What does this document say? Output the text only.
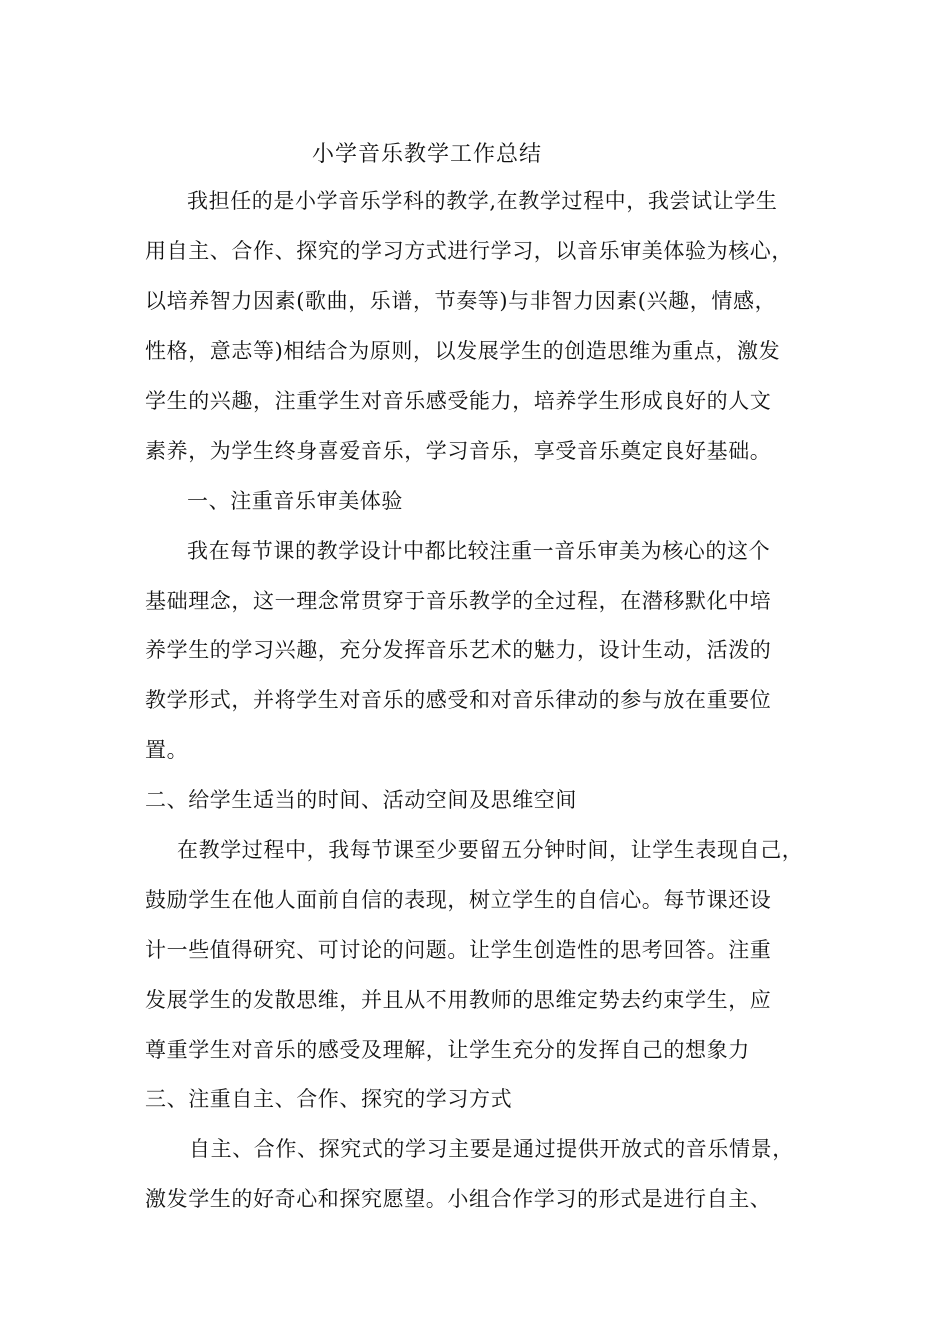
小学音乐教学工作总结
我担任的是小学音乐学科的教学,在教学过程中，我尝试让学生
用自主、合作、探究的学习方式进行学习，以音乐审美体验为核心，
以培养智力因素(歌曲，乐谱，节奏等)与非智力因素(兴趣，情感，
性格，意志等)相结合为原则，以发展学生的创造思维为重点，激发
学生的兴趣，注重学生对音乐感受能力，培养学生形成良好的人文
素养，为学生终身喜爱音乐，学习音乐，享受音乐奠定良好基础。
一、注重音乐审美体验
我在每节课的教学设计中都比较注重一音乐审美为核心的这个
基础理念，这一理念常贯穿于音乐教学的全过程，在潜移默化中培
养学生的学习兴趣，充分发挥音乐艺术的魅力，设计生动，活泼的
教学形式，并将学生对音乐的感受和对音乐律动的参与放在重要位
置。
二、给学生适当的时间、活动空间及思维空间
在教学过程中，我每节课至少要留五分钟时间，让学生表现自己，
鼓励学生在他人面前自信的表现，树立学生的自信心。每节课还设
计一些值得研究、可讨论的问题。让学生创造性的思考回答。注重
发展学生的发散思维，并且从不用教师的思维定势去约束学生，应
尊重学生对音乐的感受及理解，让学生充分的发挥自己的想象力
三、注重自主、合作、探究的学习方式
自主、合作、探究式的学习主要是通过提供开放式的音乐情景，
激发学生的好奇心和探究愿望。小组合作学习的形式是进行自主、
